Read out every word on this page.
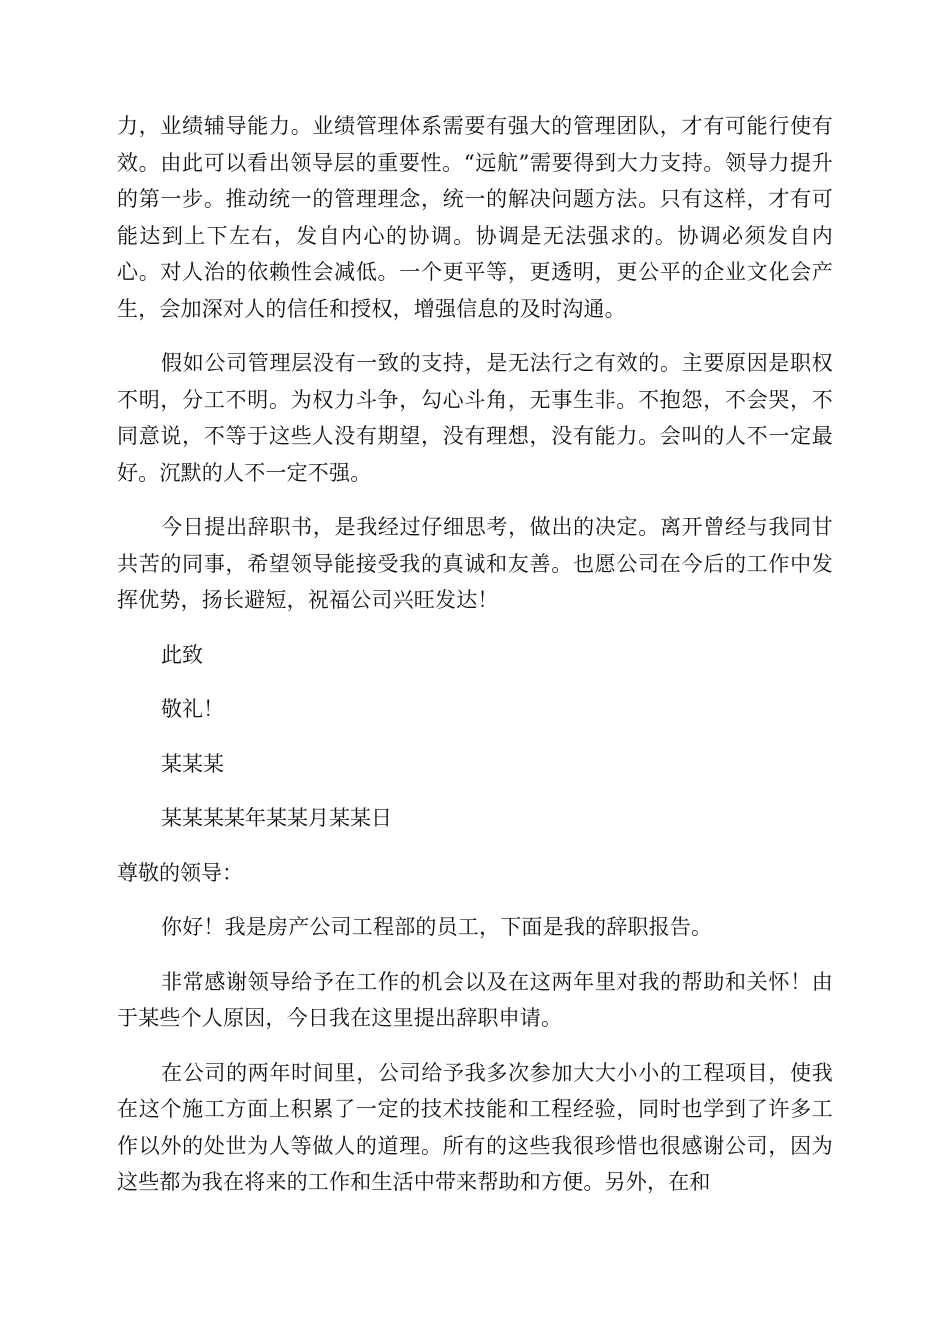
力，业绩辅导能力。业绩管理体系需要有强大的管理团队，才有可能行使有效。由此可以看出领导层的重要性。“远航”需要得到大力支持。领导力提升的第一步。推动统一的管理理念，统一的解决问题方法。只有这样，才有可能达到上下左右，发自内心的协调。协调是无法强求的。协调必须发自内心。对人治的依赖性会减低。一个更平等，更透明，更公平的企业文化会产生，会加深对人的信任和授权，增强信息的及时沟通。

假如公司管理层没有一致的支持，是无法行之有效的。主要原因是职权不明，分工不明。为权力斗争，勾心斗角，无事生非。不抱怨，不会哭，不同意说，不等于这些人没有期望，没有理想，没有能力。会叫的人不一定最好。沉默的人不一定不强。

今日提出辞职书，是我经过仔细思考，做出的决定。离开曾经与我同甘共苦的同事，希望领导能接受我的真诚和友善。也愿公司在今后的工作中发挥优势，扬长避短，祝福公司兴旺发达！

此致

敬礼！

某某某

某某某某年某某月某某日

尊敬的领导：

你好！我是房产公司工程部的员工，下面是我的辞职报告。

非常感谢领导给予在工作的机会以及在这两年里对我的帮助和关怀！由于某些个人原因，今日我在这里提出辞职申请。

在公司的两年时间里，公司给予我多次参加大大小小的工程项目，使我在这个施工方面上积累了一定的技术技能和工程经验，同时也学到了许多工作以外的处世为人等做人的道理。所有的这些我很珍惜也很感谢公司，因为这些都为我在将来的工作和生活中带来帮助和方便。另外，在和
